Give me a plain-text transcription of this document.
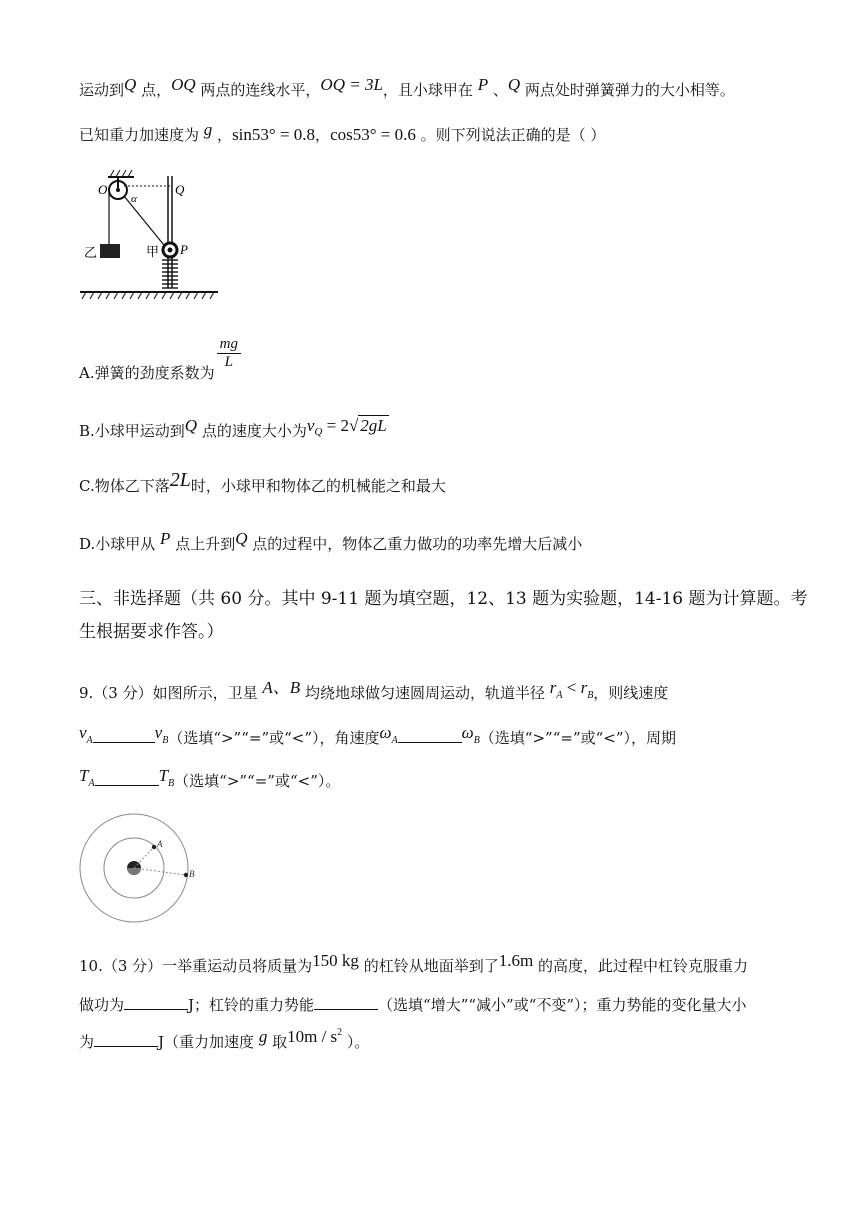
运动到Q 点，OQ 两点的连线水平，OQ = 3L，且小球甲在 P 、Q 两点处时弹簧弹力的大小相等。
已知重力加速度为 g ，sin53° = 0.8，cos53° = 0.6 。则下列说法正确的是（ ）
O
α
Q
乙	甲 P
A.弹簧的劲度系数为
$\frac{mg}{L}$
B.小球甲运动到Q 点的速度大小为vQ = 2√ 2gL
C.物体乙下落2L时，小球甲和物体乙的机械能之和最大
D.小球甲从 P 点上升到Q 点的过程中，物体乙重力做功的功率先增大后减小
三、非选择题（共 60 分。其中 9-11 题为填空题，12、13 题为实验题，14-16 题为计算题。考
生根据要求作答。）
9.（3 分）如图所示，卫星 A、B 均绕地球做匀速圆周运动，轨道半径 rA < rB，则线速度
vA	vB（选填“>”“=”或“<”），角速度ωA	ωB（选填“>”“=”或“<”），周期
TA	TB（选填“>”“=”或“<”）。
A
B
10.（3 分）一举重运动员将质量为150 kg 的杠铃从地面举到了1.6m 的高度，此过程中杠铃克服重力
做功为	J；杠铃的重力势能	（选填“增大”“减小”或“不变”）；重力势能的变化量大小
为	J（重力加速度 g 取$10m / s^2$ ）。
